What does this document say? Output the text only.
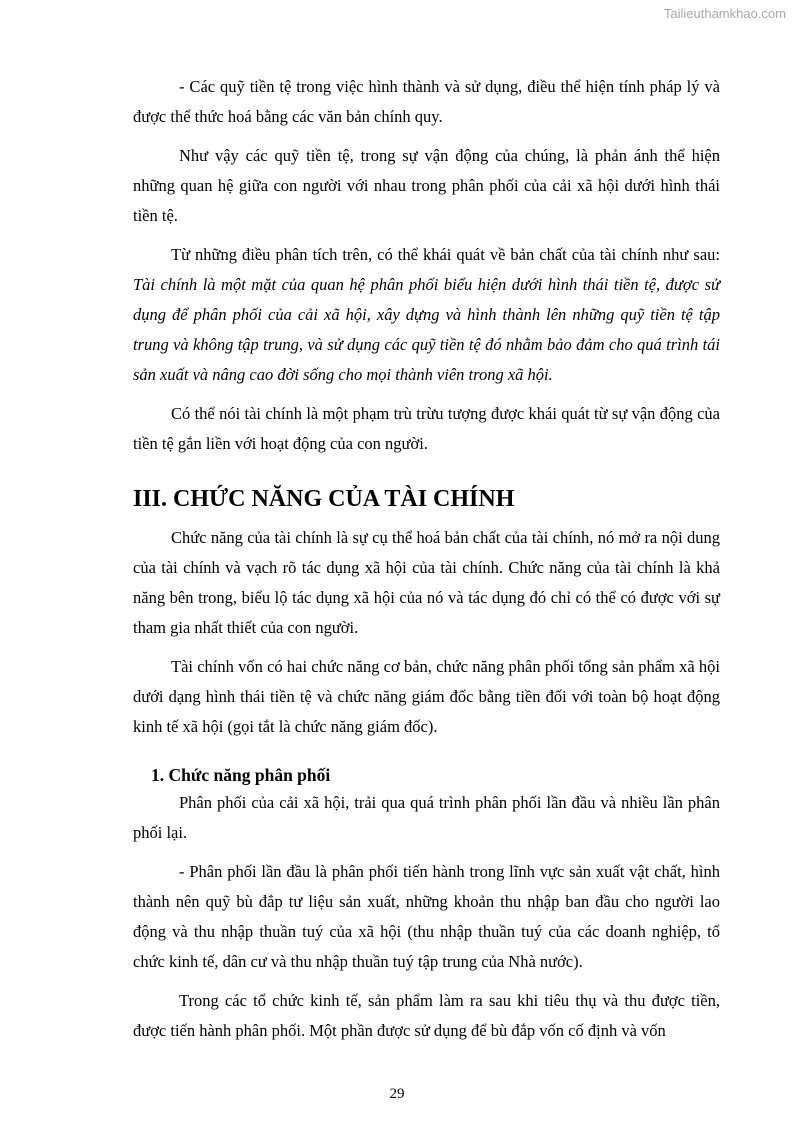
Tailieuthamkhao.com

- Các quỹ tiền tệ trong việc hình thành và sử dụng, điều thể hiện tính pháp lý và được thể thức hoá bằng các văn bản chính quy.

Như vậy các quỹ tiền tệ, trong sự vận động của chúng, là phản ánh thể hiện những quan hệ giữa con người với nhau trong phân phối của cải xã hội dưới hình thái tiền tệ.

Từ những điều phân tích trên, có thể khái quát về bản chất của tài chính như sau: Tài chính là một mặt của quan hệ phân phối biểu hiện dưới hình thái tiền tệ, được sử dụng để phân phối của cải xã hội, xây dựng và hình thành lên những quỹ tiền tệ tập trung và không tập trung, và sử dụng các quỹ tiền tệ đó nhằm bảo đảm cho quá trình tái sản xuất và nâng cao đời sống cho mọi thành viên trong xã hội.

Có thể nói tài chính là một phạm trù trừu tượng được khái quát từ sự vận động của tiền tệ gắn liền với hoạt động của con người.

III. CHỨC NĂNG CỦA TÀI CHÍNH

Chức năng của tài chính là sự cụ thể hoá bản chất của tài chính, nó mở ra nội dung của tài chính và vạch rõ tác dụng xã hội của tài chính. Chức năng của tài chính là khả năng bên trong, biểu lộ tác dụng xã hội của nó và tác dụng đó chỉ có thể có được với sự tham gia nhất thiết của con người.

Tài chính vốn có hai chức năng cơ bản, chức năng phân phối tổng sản phẩm xã hội dưới dạng hình thái tiền tệ và chức năng giám đốc bằng tiền đối với toàn bộ hoạt động kinh tế xã hội (gọi tắt là chức năng giám đốc).

1. Chức năng phân phối

Phân phối của cải xã hội, trải qua quá trình phân phối lần đầu và nhiều lần phân phối lại.

- Phân phối lần đầu là phân phối tiến hành trong lĩnh vực sản xuất vật chất, hình thành nên quỹ bù đắp tư liệu sản xuất, những khoản thu nhập ban đầu cho người lao động và thu nhập thuần tuý của xã hội (thu nhập thuần tuý của các doanh nghiệp, tổ chức kinh tế, dân cư và thu nhập thuần tuý tập trung của Nhà nước).

Trong các tổ chức kinh tế, sản phẩm làm ra sau khi tiêu thụ và thu được tiền, được tiến hành phân phối. Một phần được sử dụng để bù đắp vốn cố định và vốn

29
